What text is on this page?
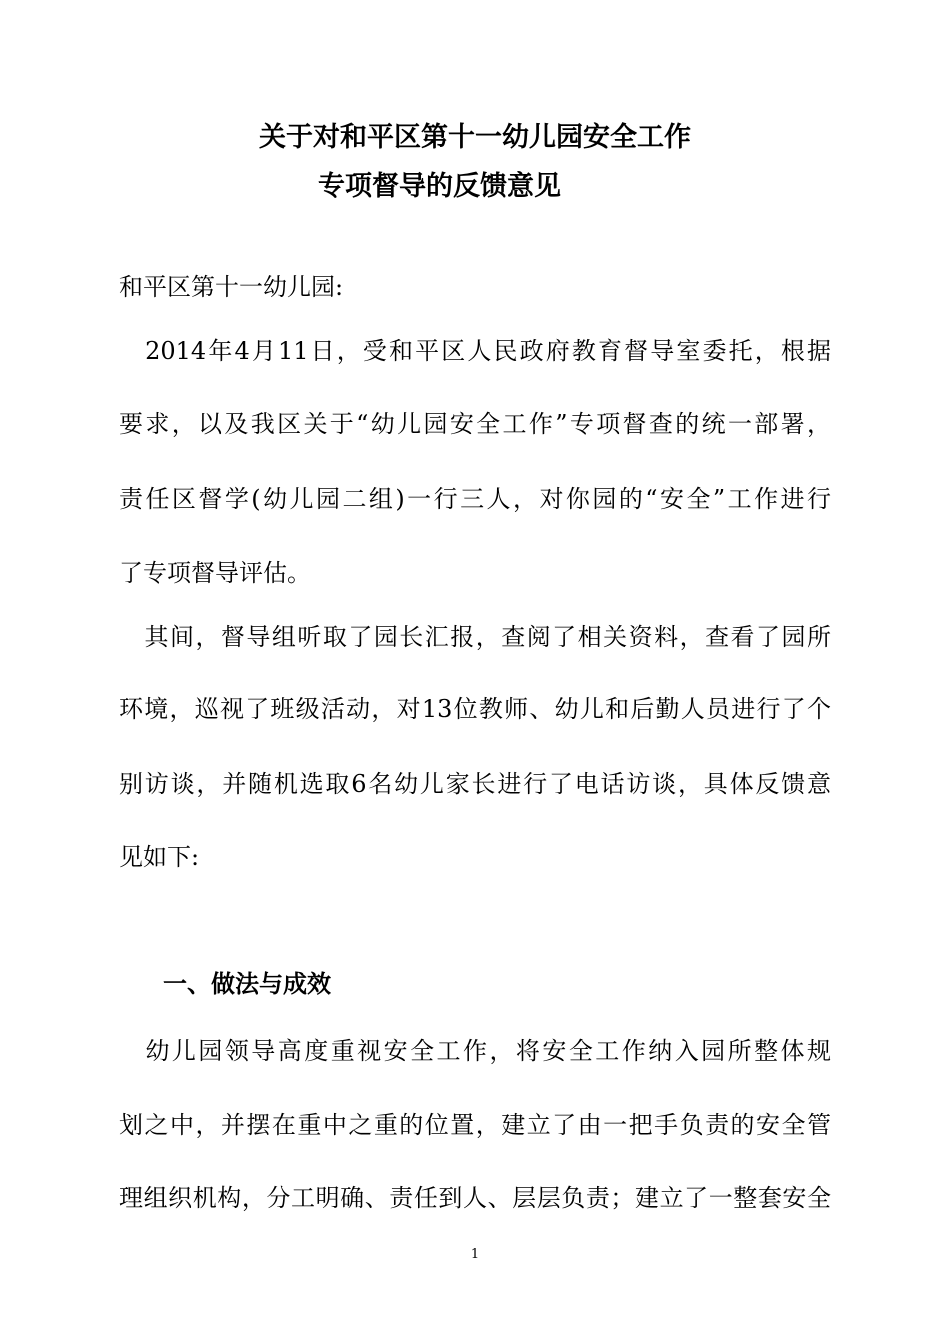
关于对和平区第十一幼儿园安全工作
专项督导的反馈意见
和平区第十一幼儿园:
　2014年4月11日，受和平区人民政府教育督导室委托，根据
要求，以及我区关于“幼儿园安全工作”专项督查的统一部署，
责任区督学(幼儿园二组)一行三人，对你园的“安全”工作进行
了专项督导评估。
　其间，督导组听取了园长汇报，查阅了相关资料，查看了园所
环境，巡视了班级活动，对13位教师、幼儿和后勤人员进行了个
别访谈，并随机选取6名幼儿家长进行了电话访谈，具体反馈意
见如下:
一、做法与成效
　幼儿园领导高度重视安全工作，将安全工作纳入园所整体规
划之中，并摆在重中之重的位置，建立了由一把手负责的安全管
理组织机构，分工明确、责任到人、层层负责；建立了一整套安全
1
